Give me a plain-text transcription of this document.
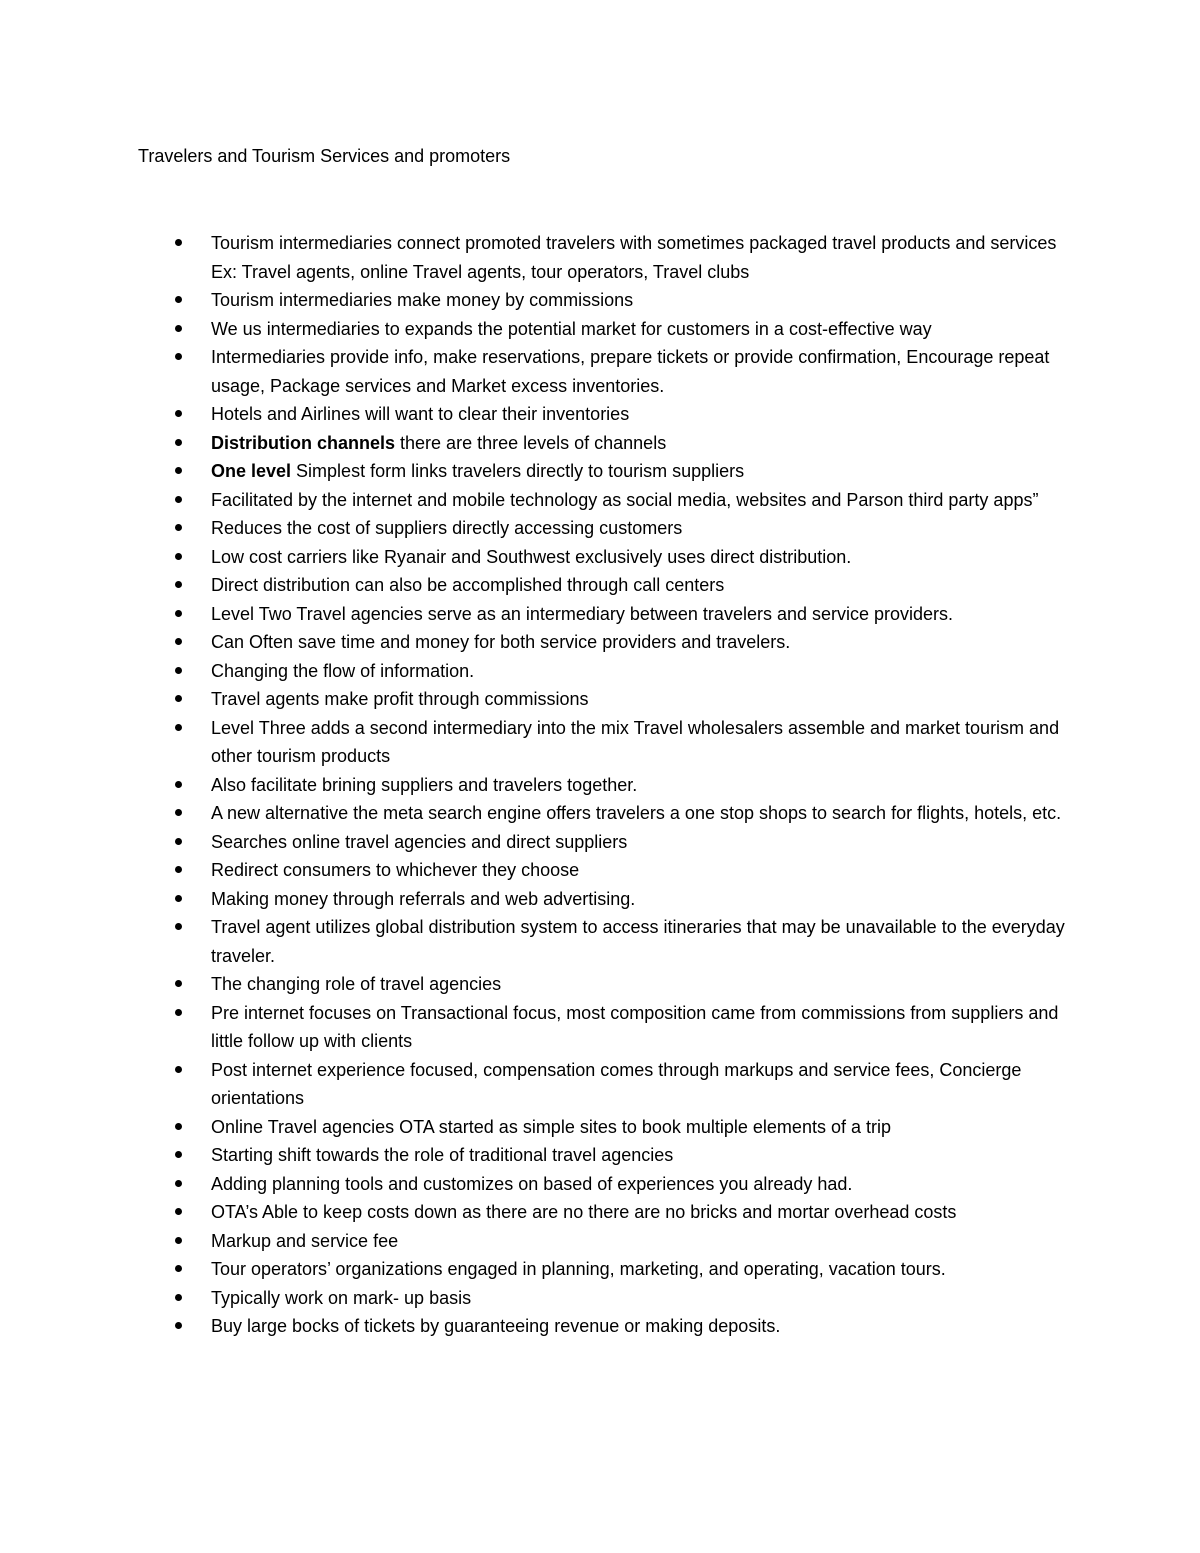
Travelers and Tourism Services and promoters
Tourism intermediaries connect promoted travelers with sometimes packaged travel products and services Ex: Travel agents, online Travel agents, tour operators, Travel clubs
Tourism intermediaries make money by commissions
We us intermediaries to expands the potential market for customers in a cost-effective way
Intermediaries provide info, make reservations, prepare tickets or provide confirmation, Encourage repeat usage, Package services and Market excess inventories.
Hotels and Airlines will want to clear their inventories
Distribution channels there are three levels of channels
One level Simplest form links travelers directly to tourism suppliers
Facilitated by the internet and mobile technology as social media, websites and Parson third party apps”
Reduces the cost of suppliers directly accessing customers
Low cost carriers like Ryanair and Southwest exclusively uses direct distribution.
Direct distribution can also be accomplished through call centers
Level Two Travel agencies serve as an intermediary between travelers and service providers.
Can Often save time and money for both service providers and travelers.
Changing the flow of information.
Travel agents make profit through commissions
Level Three adds a second intermediary into the mix Travel wholesalers assemble and market tourism and other tourism products
Also facilitate brining suppliers and travelers together.
A new alternative the meta search engine offers travelers a one stop shops to search for flights, hotels, etc.
Searches online travel agencies and direct suppliers
Redirect consumers to whichever they choose
Making money through referrals and web advertising.
Travel agent utilizes global distribution system to access itineraries that may be unavailable to the everyday traveler.
The changing role of travel agencies
Pre internet focuses on Transactional focus, most composition came from commissions from suppliers and little follow up with clients
Post internet experience focused, compensation comes through markups and service fees, Concierge orientations
Online Travel agencies OTA started as simple sites to book multiple elements of a trip
Starting shift towards the role of traditional travel agencies
Adding planning tools and customizes on based of experiences you already had.
OTA’s Able to keep costs down as there are no there are no bricks and mortar overhead costs
Markup and service fee
Tour operators’ organizations engaged in planning, marketing, and operating, vacation tours.
Typically work on mark- up basis
Buy large bocks of tickets by guaranteeing revenue or making deposits.
